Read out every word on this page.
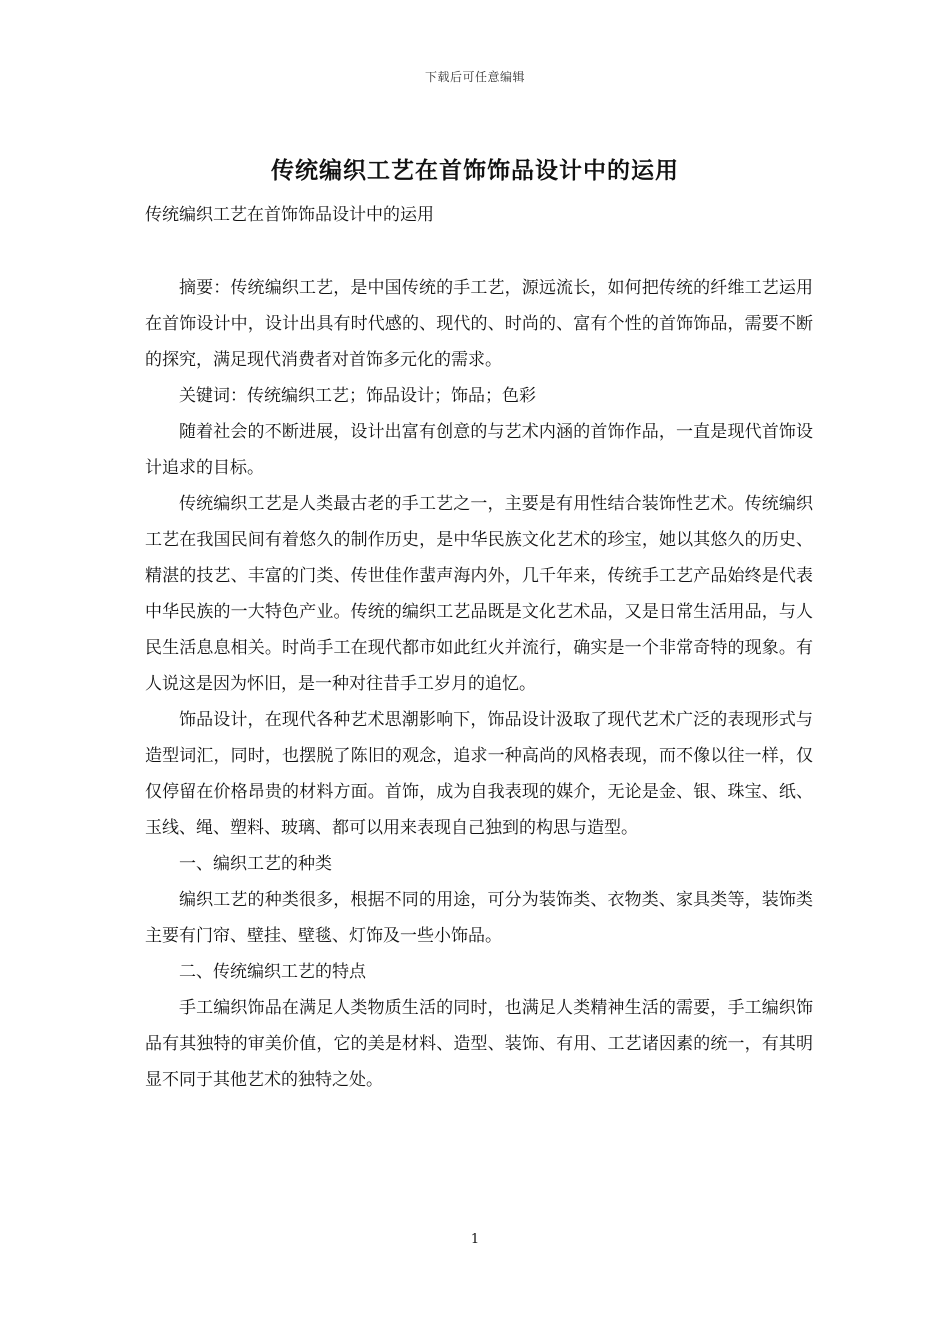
下载后可任意编辑
传统编织工艺在首饰饰品设计中的运用

传统编织工艺在首饰饰品设计中的运用

摘要：传统编织工艺，是中国传统的手工艺，源远流长，如何把传统的纤维工艺运用在首饰设计中，设计出具有时代感的、现代的、时尚的、富有个性的首饰饰品，需要不断的探究，满足现代消费者对首饰多元化的需求。

关键词：传统编织工艺；饰品设计；饰品；色彩

随着社会的不断进展，设计出富有创意的与艺术内涵的首饰作品，一直是现代首饰设计追求的目标。

传统编织工艺是人类最古老的手工艺之一，主要是有用性结合装饰性艺术。传统编织工艺在我国民间有着悠久的制作历史，是中华民族文化艺术的珍宝，她以其悠久的历史、精湛的技艺、丰富的门类、传世佳作蜚声海内外，几千年来，传统手工艺产品始终是代表中华民族的一大特色产业。传统的编织工艺品既是文化艺术品，又是日常生活用品，与人民生活息息相关。时尚手工在现代都市如此红火并流行，确实是一个非常奇特的现象。有人说这是因为怀旧，是一种对往昔手工岁月的追忆。

饰品设计，在现代各种艺术思潮影响下，饰品设计汲取了现代艺术广泛的表现形式与造型词汇，同时，也摆脱了陈旧的观念，追求一种高尚的风格表现，而不像以往一样，仅仅停留在价格昂贵的材料方面。首饰，成为自我表现的媒介，无论是金、银、珠宝、纸、玉线、绳、塑料、玻璃、都可以用来表现自己独到的构思与造型。

一、编织工艺的种类

编织工艺的种类很多，根据不同的用途，可分为装饰类、衣物类、家具类等，装饰类主要有门帘、壁挂、壁毯、灯饰及一些小饰品。

二、传统编织工艺的特点

手工编织饰品在满足人类物质生活的同时，也满足人类精神生活的需要，手工编织饰品有其独特的审美价值，它的美是材料、造型、装饰、有用、工艺诸因素的统一，有其明显不同于其他艺术的独特之处。

1
